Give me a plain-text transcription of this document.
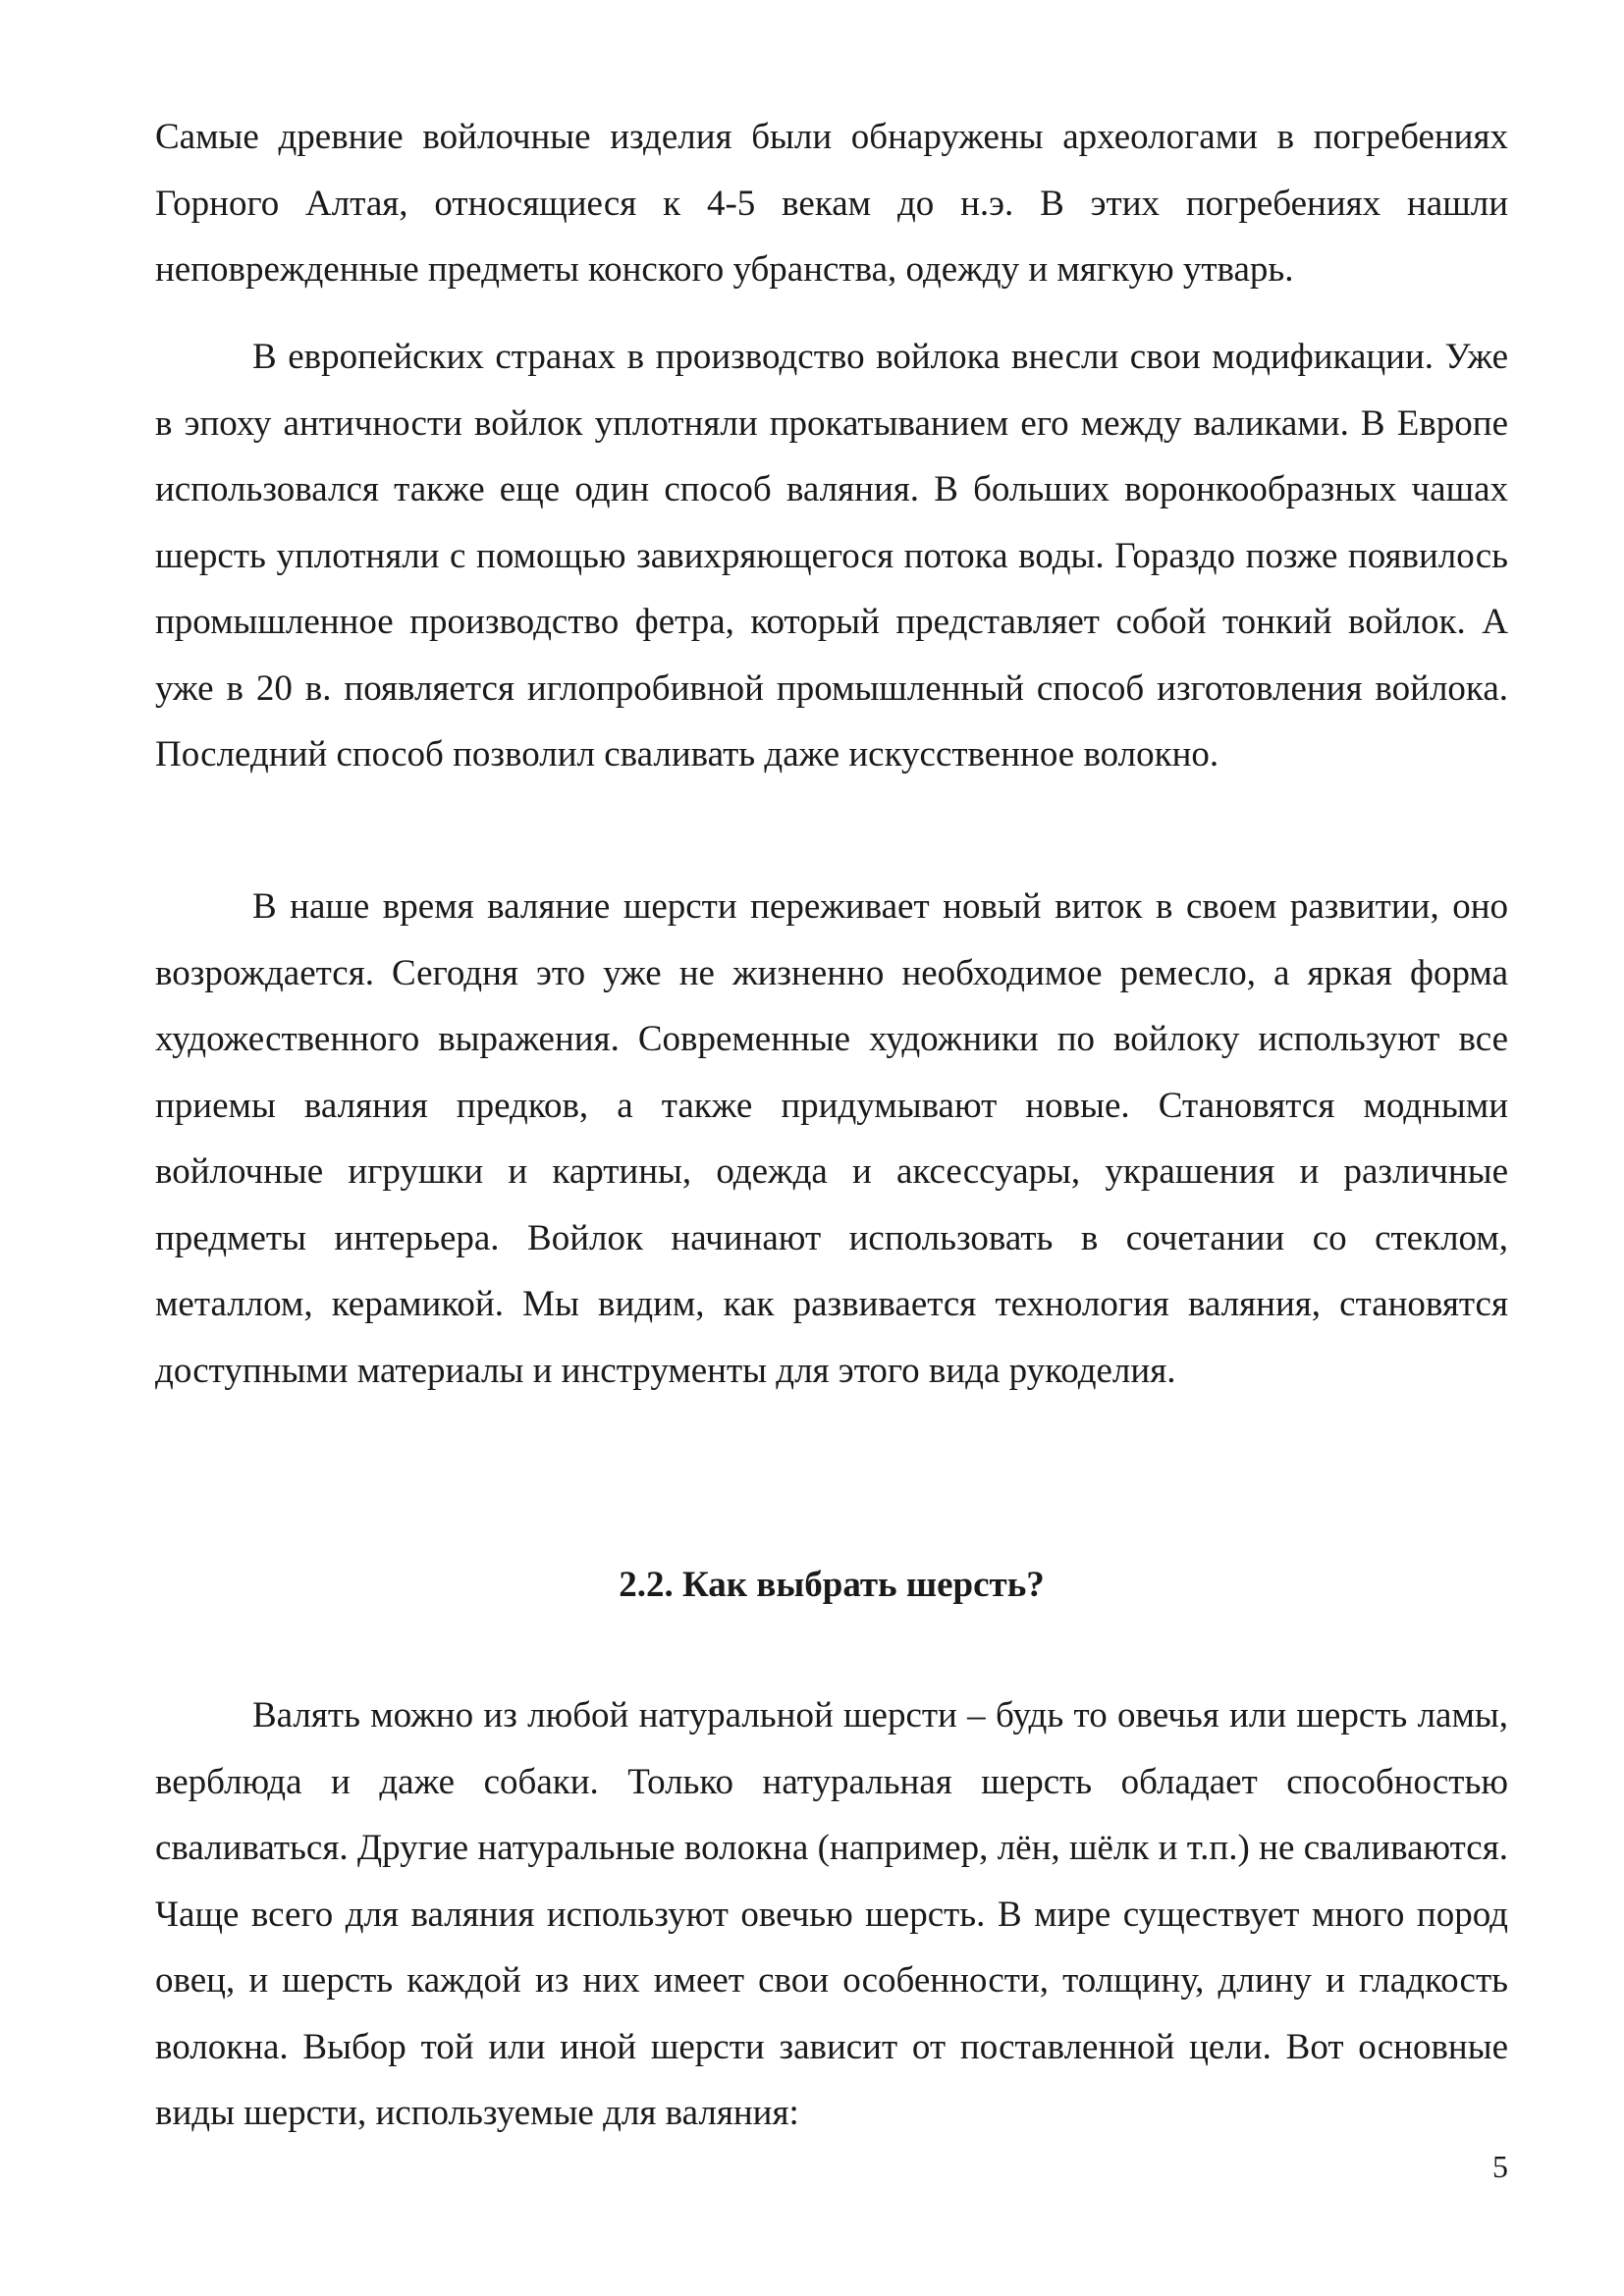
Самые древние войлочные изделия были обнаружены археологами в погребениях Горного Алтая, относящиеся к 4-5 векам до н.э. В этих погребениях нашли неповрежденные предметы конского убранства, одежду и мягкую утварь.

В европейских странах в производство войлока внесли свои модификации. Уже в эпоху античности войлок уплотняли прокатыванием его между валиками. В Европе использовался также еще один способ валяния. В больших воронкообразных чашах шерсть уплотняли с помощью завихряющегося потока воды. Гораздо позже появилось промышленное производство фетра, который представляет собой тонкий войлок. А уже в 20 в. появляется иглопробивной промышленный способ изготовления войлока. Последний способ позволил сваливать даже искусственное волокно.

В наше время валяние шерсти переживает новый виток в своем развитии, оно возрождается. Сегодня это уже не жизненно необходимое ремесло, а яркая форма художественного выражения. Современные художники по войлоку используют все приемы валяния предков, а также придумывают новые. Становятся модными войлочные игрушки и картины, одежда и аксессуары, украшения и различные предметы интерьера. Войлок начинают использовать в сочетании со стеклом, металлом, керамикой. Мы видим, как развивается технология валяния, становятся доступными материалы и инструменты для этого вида рукоделия.

2.2. Как выбрать шерсть?

Валять можно из любой натуральной шерсти – будь то овечья или шерсть ламы, верблюда и даже собаки. Только натуральная шерсть обладает способностью сваливаться. Другие натуральные волокна (например, лён, шёлк и т.п.) не сваливаются. Чаще всего для валяния используют овечью шерсть. В мире существует много пород овец, и шерсть каждой из них имеет свои особенности, толщину, длину и гладкость волокна. Выбор той или иной шерсти зависит от поставленной цели. Вот основные виды шерсти, используемые для валяния:

5
